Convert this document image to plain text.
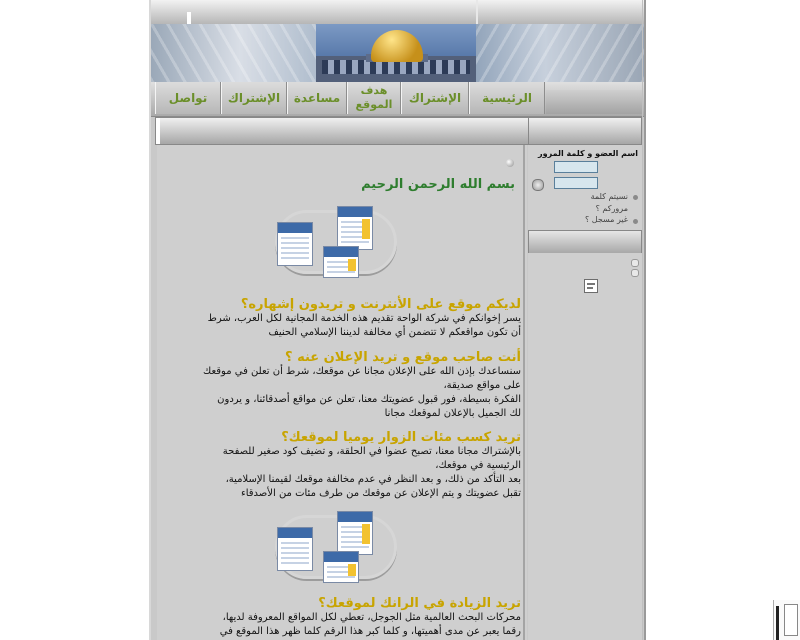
تواصل	الإشتراك	مساعدة
هدف الموقع	الإشتراك	الرئيسية
بسم الله الرحمن الرحيم
لديكم موقع على الأنترنت و تريدون إشهاره؟
يسر إخوانكم في شركة الواحة تقديم هذه الخدمة المجانية لكل العرب، شرط
أن تكون مواقعكم لا تتضمن أي مخالفة لديننا الإسلامي الحنيف
أنت صاحب موقع و تريد الإعلان عنه ؟
سنساعدك بإذن الله على الإعلان مجانا عن موقعك، شرط أن تعلن في موقعك
على مواقع صديقة،
الفكرة بسيطة، فور قبول عضويتك معنا، تعلن عن مواقع أصدقائنا، و يردون
لك الجميل بالإعلان لموقعك مجانا
تريد كسب مئات الزوار يوميا لموقعك؟
بالإشتراك مجانا معنا، تصبح عضوا في الحلقة، و تضيف كود صغير للصفحة
الرئيسية في موقعك،
بعد التأكد من ذلك، و بعد النظر في عدم مخالفة موقعك لقيمنا الإسلامية،
تقبل عضويتك و يتم الإعلان عن موقعك من طرف مئات من الأصدقاء
تريد الزيادة في الرانك لموقعك؟
محركات البحث العالمية مثل الجوجل، تعطي لكل المواقع المعروفة لديها،
رقما يعبر عن مدى أهميتها، و كلما كبر هذا الرقم كلما ظهر هذا الموقع في
اسم العضو و كلمة المرور
نسيتم كلمة مروركم ؟
غير مسجل ؟
